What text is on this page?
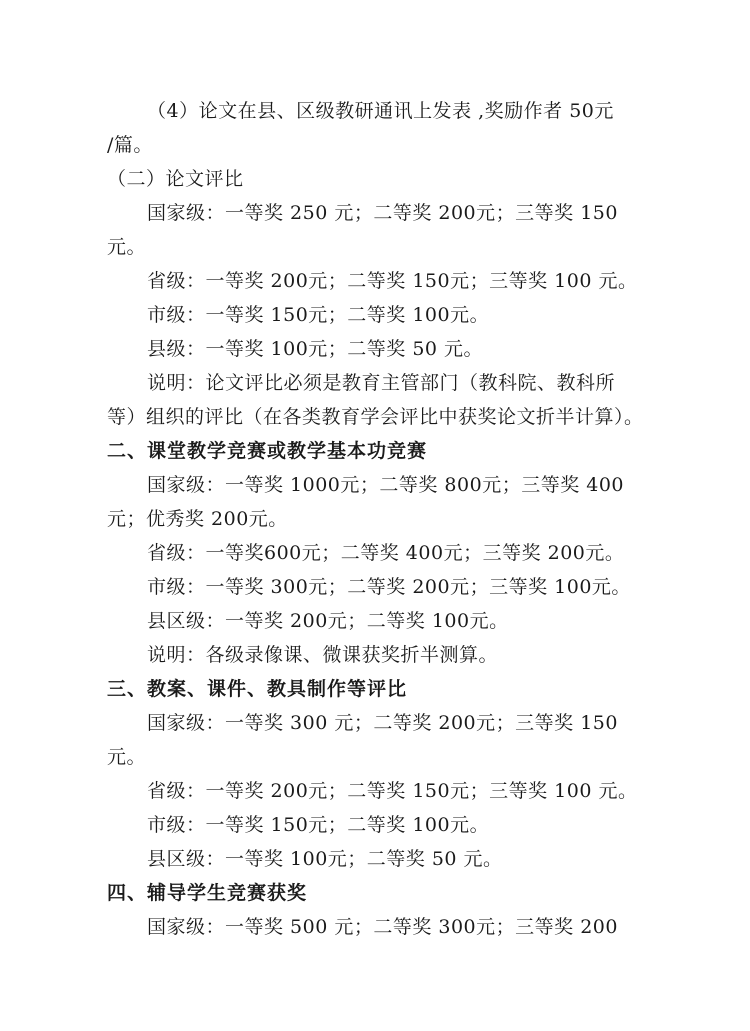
（4）论文在县、区级教研通讯上发表 ,奖励作者 50元
/篇。
（二）论文评比
国家级：一等奖 250 元；二等奖 200元；三等奖 150
元。
省级：一等奖 200元；二等奖 150元；三等奖 100 元。
市级：一等奖 150元；二等奖 100元。
县级：一等奖 100元；二等奖 50 元。
说明：论文评比必须是教育主管部门（教科院、教科所
等）组织的评比（在各类教育学会评比中获奖论文折半计算）。
二、课堂教学竞赛或教学基本功竞赛
国家级：一等奖 1000元；二等奖 800元；三等奖 400
元；优秀奖 200元。
省级：一等奖600元；二等奖 400元；三等奖 200元。
市级：一等奖 300元；二等奖 200元；三等奖 100元。
县区级：一等奖 200元；二等奖 100元。
说明：各级录像课、微课获奖折半测算。
三、教案、课件、教具制作等评比
国家级：一等奖 300 元；二等奖 200元；三等奖 150
元。
省级：一等奖 200元；二等奖 150元；三等奖 100 元。
市级：一等奖 150元；二等奖 100元。
县区级：一等奖 100元；二等奖 50 元。
四、辅导学生竞赛获奖
国家级：一等奖 500 元；二等奖 300元；三等奖 200
